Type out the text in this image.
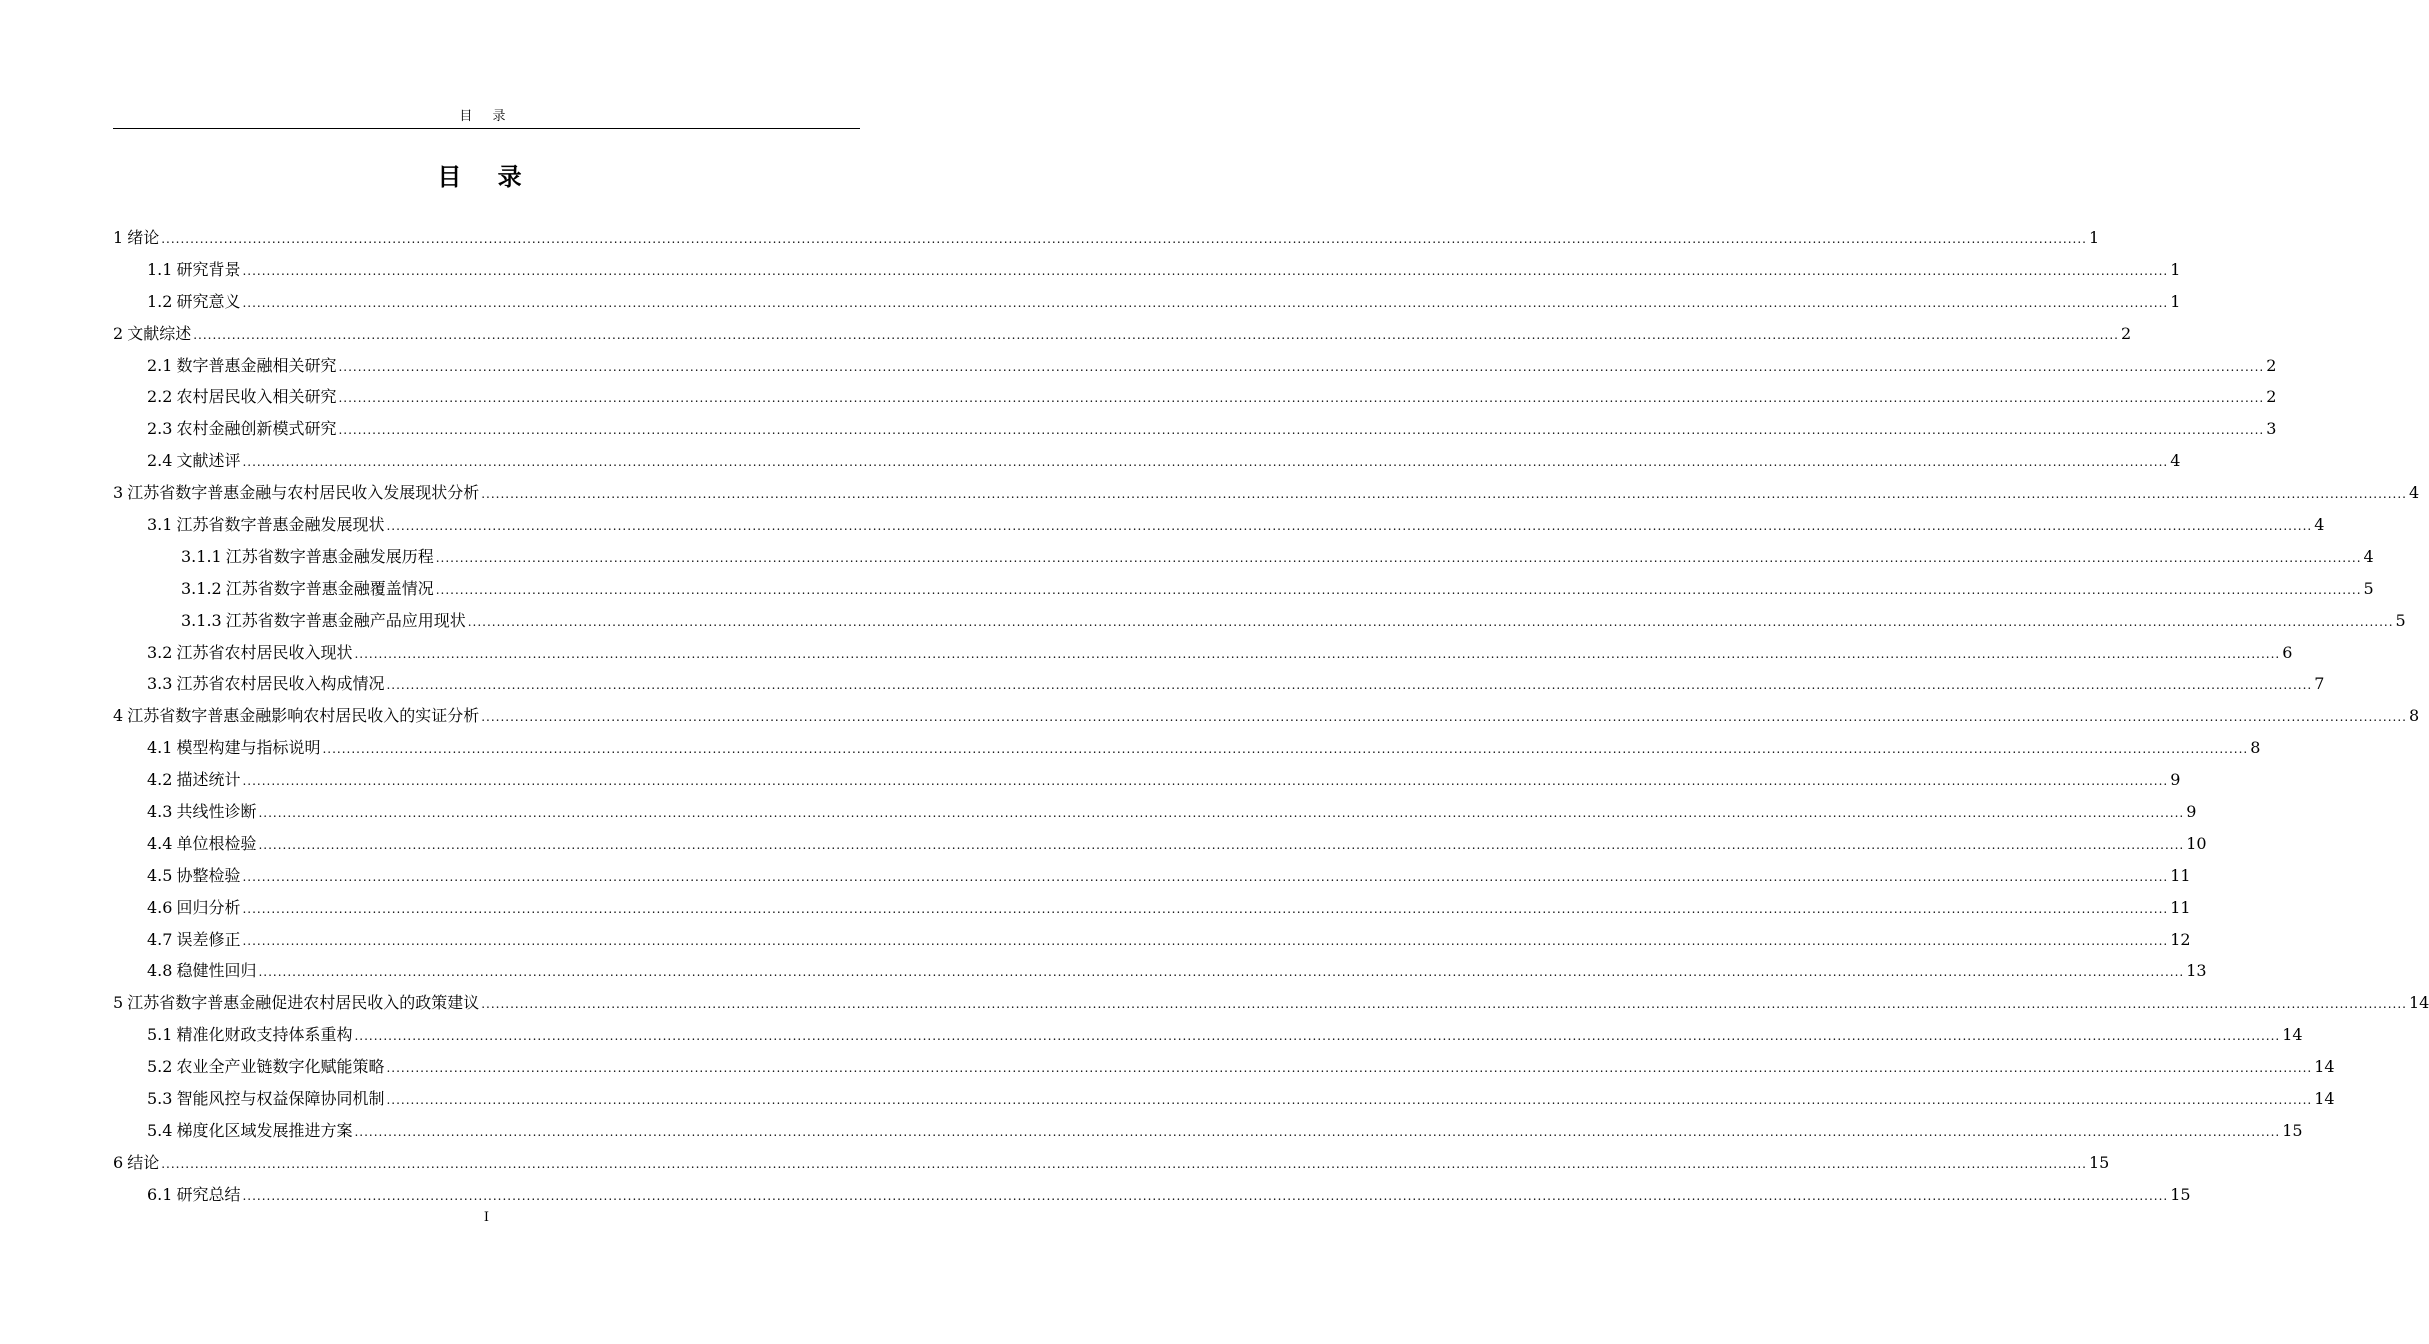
目 录
目 录
1 绪论 ................................................................................................................................................................................................................................................................................................................................................................................................................ 1
1.1 研究背景 ................................................................................................................................................................................................................................................................................................................................................................................................................ 1
1.2 研究意义 ................................................................................................................................................................................................................................................................................................................................................................................................................ 1
2 文献综述 ................................................................................................................................................................................................................................................................................................................................................................................................................ 2
2.1 数字普惠金融相关研究 ................................................................................................................................................................................................................................................................................................................................................................................................................ 2
2.2 农村居民收入相关研究 ................................................................................................................................................................................................................................................................................................................................................................................................................ 2
2.3 农村金融创新模式研究 ................................................................................................................................................................................................................................................................................................................................................................................................................ 3
2.4 文献述评 ................................................................................................................................................................................................................................................................................................................................................................................................................ 4
3 江苏省数字普惠金融与农村居民收入发展现状分析 ................................................................................................................................................................................................................................................................................................................................................................................................................ 4
3.1 江苏省数字普惠金融发展现状 ................................................................................................................................................................................................................................................................................................................................................................................................................ 4
3.1.1 江苏省数字普惠金融发展历程 ................................................................................................................................................................................................................................................................................................................................................................................................................ 4
3.1.2 江苏省数字普惠金融覆盖情况 ................................................................................................................................................................................................................................................................................................................................................................................................................ 5
3.1.3 江苏省数字普惠金融产品应用现状 ................................................................................................................................................................................................................................................................................................................................................................................................................ 5
3.2 江苏省农村居民收入现状 ................................................................................................................................................................................................................................................................................................................................................................................................................ 6
3.3 江苏省农村居民收入构成情况 ................................................................................................................................................................................................................................................................................................................................................................................................................ 7
4 江苏省数字普惠金融影响农村居民收入的实证分析 ................................................................................................................................................................................................................................................................................................................................................................................................................ 8
4.1 模型构建与指标说明 ................................................................................................................................................................................................................................................................................................................................................................................................................ 8
4.2 描述统计 ................................................................................................................................................................................................................................................................................................................................................................................................................ 9
4.3 共线性诊断 ................................................................................................................................................................................................................................................................................................................................................................................................................ 9
4.4 单位根检验 ................................................................................................................................................................................................................................................................................................................................................................................................................ 10
4.5 协整检验 ................................................................................................................................................................................................................................................................................................................................................................................................................ 11
4.6 回归分析 ................................................................................................................................................................................................................................................................................................................................................................................................................ 11
4.7 误差修正 ................................................................................................................................................................................................................................................................................................................................................................................................................ 12
4.8 稳健性回归 ................................................................................................................................................................................................................................................................................................................................................................................................................ 13
5 江苏省数字普惠金融促进农村居民收入的政策建议 ................................................................................................................................................................................................................................................................................................................................................................................................................ 14
5.1 精准化财政支持体系重构 ................................................................................................................................................................................................................................................................................................................................................................................................................ 14
5.2 农业全产业链数字化赋能策略 ................................................................................................................................................................................................................................................................................................................................................................................................................ 14
5.3 智能风控与权益保障协同机制 ................................................................................................................................................................................................................................................................................................................................................................................................................ 14
5.4 梯度化区域发展推进方案 ................................................................................................................................................................................................................................................................................................................................................................................................................ 15
6 结论 ................................................................................................................................................................................................................................................................................................................................................................................................................ 15
6.1 研究总结 ................................................................................................................................................................................................................................................................................................................................................................................................................ 15
I
